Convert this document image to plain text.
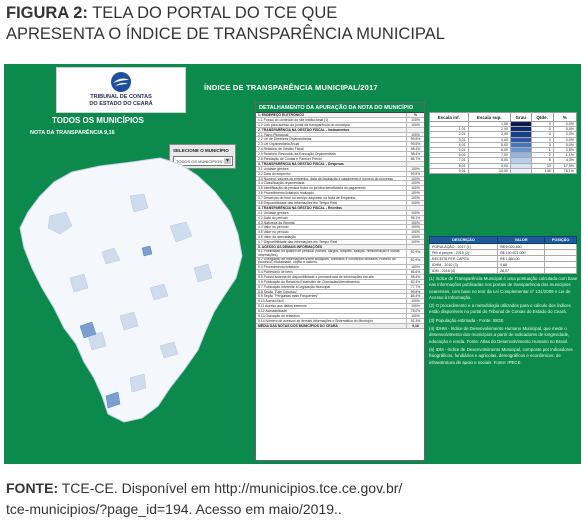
FIGURA 2: TELA DO PORTAL DO TCE QUE
APRESENTA O ÍNDICE DE TRANSPARÊNCIA MUNICIPAL
TRIBUNAL DE CONTAS
DO ESTADO DO CEARÁ
ÍNDICE DE TRANSPARÊNCIA MUNICIPAL/2017
TODOS OS MUNICÍPIOS
NOTA DA TRANSPARÊNCIA 9,16
SELECIONE O MUNICÍPIO
TODOS OS MUNICÍPIOS ▼
DETALHAMENTO DA APURAÇÃO DA NOTA DO MUNICÍPIO
1. ENDEREÇO ELETRÔNICO	%
1.1 Possui do conteúdo do site institucional (1)	100%
1.2 Link para acesso ao portal da transparência do município	100%
2. TRANSPARÊNCIA NA GESTÃO FISCAL - Instrumentos
2.1 Plano Plurianual	100%
2.2 Lei de Diretrizes Orçamentárias	99,5%
2.3 Lei Orçamentária Anual	99,5%
2.4 Relatório de Gestão Fiscal	98,4%
2.5 Relatório Resumido da Execução Orçamentária	98,4%
2.6 Prestação de Contas e Parecer Prévio	85,7%
3. TRANSPARÊNCIA NA GESTÃO FISCAL - Despesas
3.1 Unidade gestora	100%
3.2 Data do empenho	99,5%
3.3 Número, valores do empenho, data da liquidação e pagamento e número do processo	100%
3.4 Classificação orçamentária	100%
3.5 Identificação da pessoa física ou jurídica beneficiária do pagamento	100%
3.6 Procedimento licitatório realizado	100%
3.7 Descrição do bem ou serviço adquirido na Nota de Empenho	100%
3.8 Disponibilidade das informações em Tempo Real	100%
4. TRANSPARÊNCIA NA GESTÃO FISCAL - Receitas
4.1 Unidade gestora	100%
4.2 Data do período	95,1%
4.3 Natureza da Receita	100%
4.4 Valor do período	100%
4.5 Valor no período	100%
4.6 Valor da arrecadação	100%
4.7 Disponibilidade das informações em Tempo Real	100%
5. ACESSO ÀS DEMAIS INFORMAÇÕES
5.1 Publicação do quadro de pessoal (nomes, cargos, funções, lotação, remuneração e outras informações)
92,9%
5.2 Divulgação de informações sobre licitações, contratos e convênios firmados, número do processo, modalidade, objeto e valores
92,9%
5.3 Procedimento licitatório	100%
5.4 Patrimônio de bens	86,6%
5.5 Possui sistema de disponibilidade e permanência de informações em site	98,4%
5.6 Publicação do Relatório Estatístico de Chamadas/Atendimentos	82,4%
5.7 Publicação referente à Legislação Municipal	77,7%
5.8 Seção "Fale Conosco"	99,5%
5.9 Seção "Perguntas mais Frequentes"	65,4%
5.10 Acesso fácil	100%
5.11 Acesso aos dados externos	100%
5.12 Acessibilidade	78,0%
5.13 Gravação de relatórios	100%
5.14 Número de acessos as demais informações e Sistemática do Município	91,4%
MÉDIA DAS NOTAS DOS MUNICÍPIOS DO CEARÁ	9,16
Escala inf.	Escala sup.	Grau	Qtde.	%
	1,00		0	0,0%
1,01	2,00		0	0,0%
2,01	3,00		0	0,0%
3,01	4,00		0	0,0%
4,01	5,00		0	0,0%
5,01	6,00		1	0,5%
6,01	7,00		2	1,1%
7,01	8,00		8	4,3%
8,01	9,00		33	17,9%
9,01	10,00		140	76,1%
DESCRIÇÃO	VALOR	POSIÇÃO
POPULAÇÃO - 2017 (1)	R$ 9.020.460	
PIB a preços - 2015 (2)	R$ 130.621.000	
RECEITA PER CAPITA	R$ 1.860,00	
IDHM - 2010 (3)	0,68	
IDM - 2016 (4)	28,07	

(1) Índice de Transparência Municipal é uma pontuação calculada com base nas informações publicadas nos portais de transparência dos municípios cearenses, com base no teor da Lei Complementar nº 131/2009 e Lei de Acesso à Informação.

(2) O procedimento e a metodologia utilizados para o cálculo dos índices estão disponíveis no portal do Tribunal de Contas do Estado do Ceará.

(3) População estimada - Fonte: IBGE

(4) IDHM - Índice de Desenvolvimento Humano Municipal, que mede o desenvolvimento dos municípios a partir de indicadores de longevidade, educação e renda. Fonte: Atlas do Desenvolvimento Humano no Brasil.

(5) IDM - Índice de Desenvolvimento Municipal, composto por indicadores fisiográficos, fundiários e agrícolas, demográficos e econômicos, de infraestrutura de apoio e sociais. Fonte: IPECE.

FONTE: TCE-CE. Disponível em http://municipios.tce.ce.gov.br/
tce-municipios/?page_id=194. Acesso em maio/2019..
